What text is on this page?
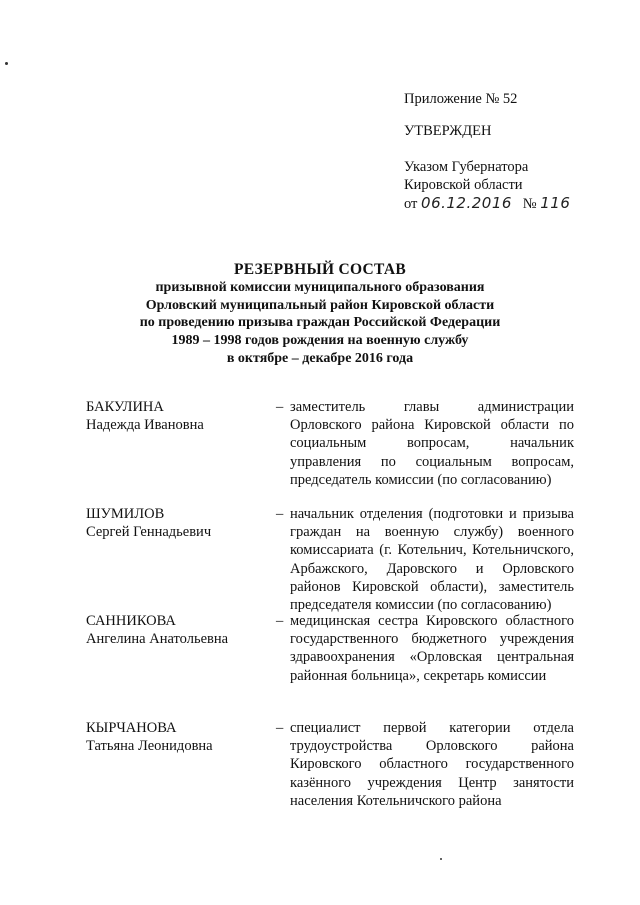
Приложение № 52
УТВЕРЖДЕН
Указом Губернатора
Кировской области
от 06.12.2016 № 116
РЕЗЕРВНЫЙ СОСТАВ
призывной комиссии муниципального образования
Орловский муниципальный район Кировской области
по проведению призыва граждан Российской Федерации
1989 – 1998 годов рождения на военную службу
в октябре – декабре 2016 года
БАКУЛИНА
Надежда Ивановна
– заместитель главы администрации Орловского района Кировской области по социальным вопросам, начальник управления по социальным вопросам, председатель комиссии (по согласованию)
ШУМИЛОВ
Сергей Геннадьевич
– начальник отделения (подготовки и призыва граждан на военную службу) военного комиссариата (г. Котельнич, Котельничского, Арбажского, Даровского и Орловского районов Кировской области), заместитель председателя комиссии (по согласованию)
САННИКОВА
Ангелина Анатольевна
– медицинская сестра Кировского областного государственного бюджетного учреждения здравоохранения «Орловская центральная районная больница», секретарь комиссии
КЫРЧАНОВА
Татьяна Леонидовна
– специалист первой категории отдела трудоустройства Орловского района Кировского областного государственного казённого учреждения Центр занятости населения Котельничского района
